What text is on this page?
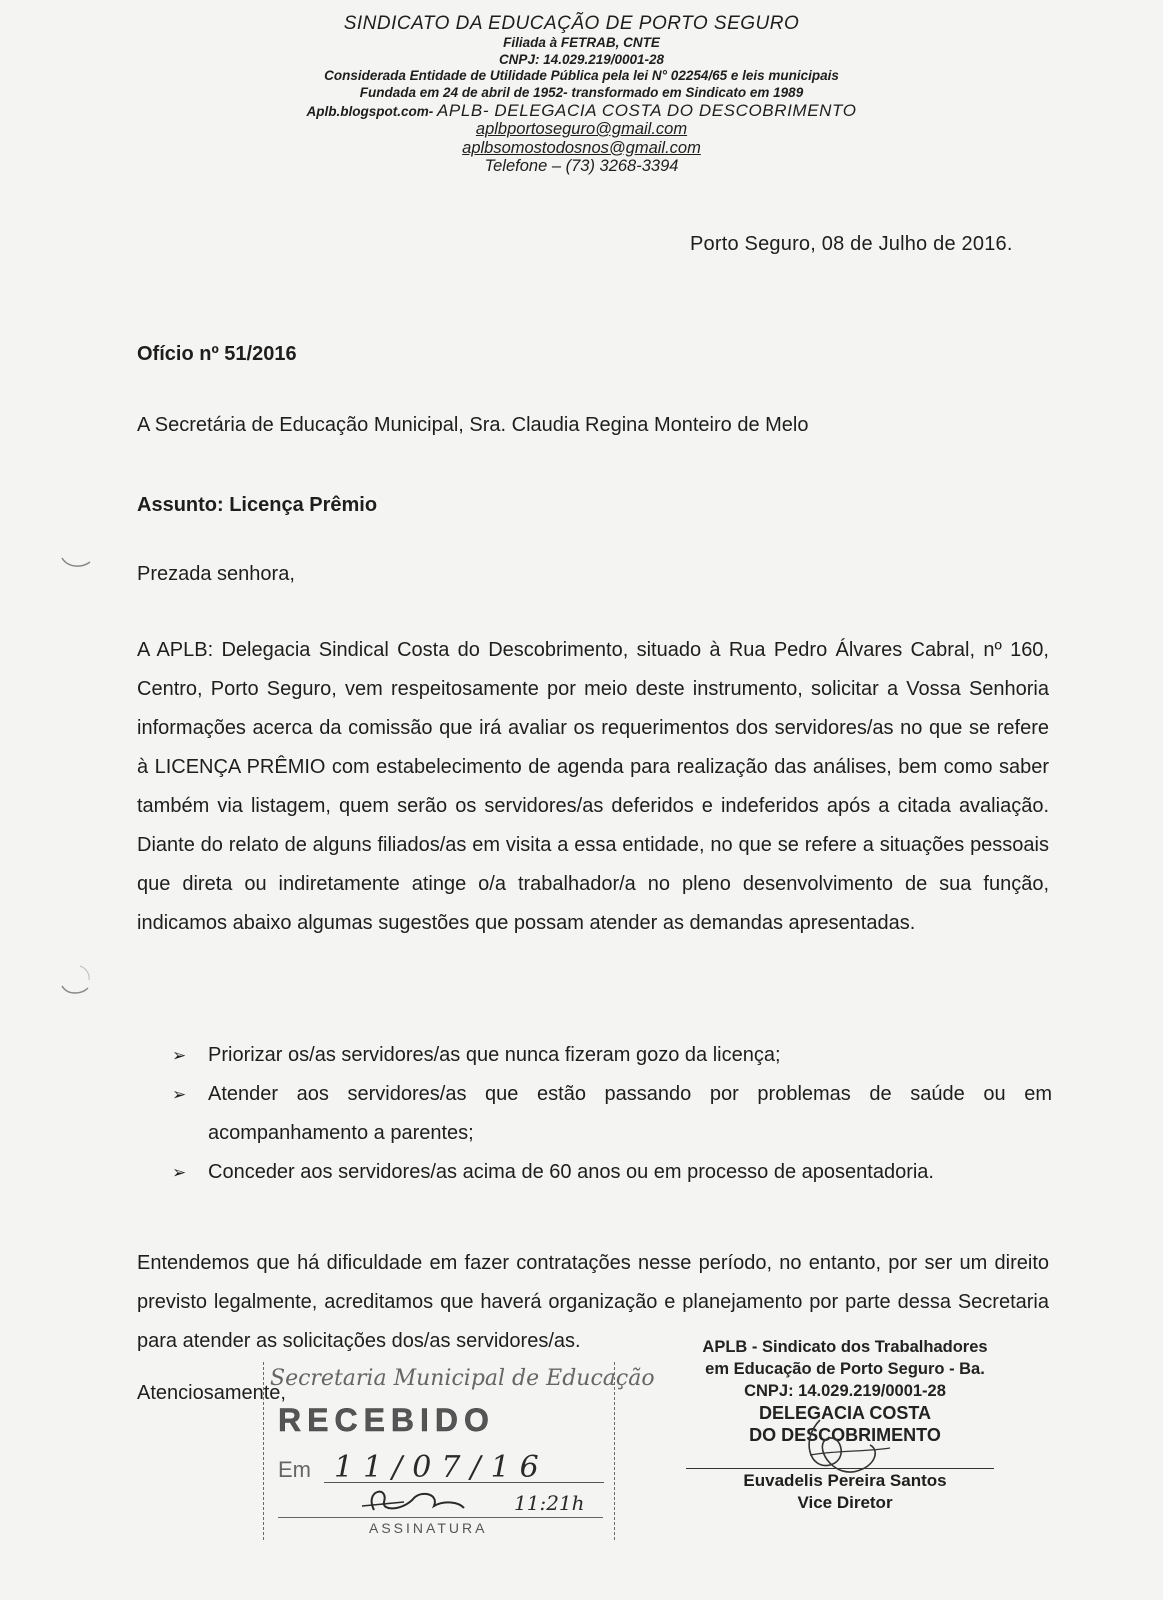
SINDICATO DA EDUCAÇÃO DE PORTO SEGURO
Filiada à FETRAB, CNTE
CNPJ: 14.029.219/0001-28
Considerada Entidade de Utilidade Pública pela lei N° 02254/65 e leis municipais
Fundada em 24 de abril de 1952- transformado em Sindicato em 1989
Aplb.blogspot.com- APLB- DELEGACIA COSTA DO DESCOBRIMENTO
aplbportoseguro@gmail.com
aplbsomostodosnos@gmail.com
Telefone – (73) 3268-3394
Porto Seguro, 08 de Julho de 2016.
Ofício nº 51/2016
A Secretária de Educação Municipal, Sra. Claudia Regina Monteiro de Melo
Assunto: Licença Prêmio
Prezada senhora,
A APLB: Delegacia Sindical Costa do Descobrimento, situado à Rua Pedro Álvares Cabral, nº 160, Centro, Porto Seguro, vem respeitosamente por meio deste instrumento, solicitar a Vossa Senhoria informações acerca da comissão que irá avaliar os requerimentos dos servidores/as no que se refere à LICENÇA PRÊMIO com estabelecimento de agenda para realização das análises, bem como saber também via listagem, quem serão os servidores/as deferidos e indeferidos após a citada avaliação. Diante do relato de alguns filiados/as em visita a essa entidade, no que se refere a situações pessoais que direta ou indiretamente atinge o/a trabalhador/a no pleno desenvolvimento de sua função, indicamos abaixo algumas sugestões que possam atender as demandas apresentadas.
➢ Priorizar os/as servidores/as que nunca fizeram gozo da licença;
➢ Atender aos servidores/as que estão passando por problemas de saúde ou em acompanhamento a parentes;
➢ Conceder aos servidores/as acima de 60 anos ou em processo de aposentadoria.
Entendemos que há dificuldade em fazer contratações nesse período, no entanto, por ser um direito previsto legalmente, acreditamos que haverá organização e planejamento por parte dessa Secretaria para atender as solicitações dos/as servidores/as.
Atenciosamente,
Secretaria Municipal de Educação
RECEBIDO
Em 11/07/16
11:21h
ASSINATURA
APLB - Sindicato dos Trabalhadores
em Educação de Porto Seguro - Ba.
CNPJ: 14.029.219/0001-28
DELEGACIA COSTA
DO DESCOBRIMENTO
Euvadelis Pereira Santos
Vice Diretor
